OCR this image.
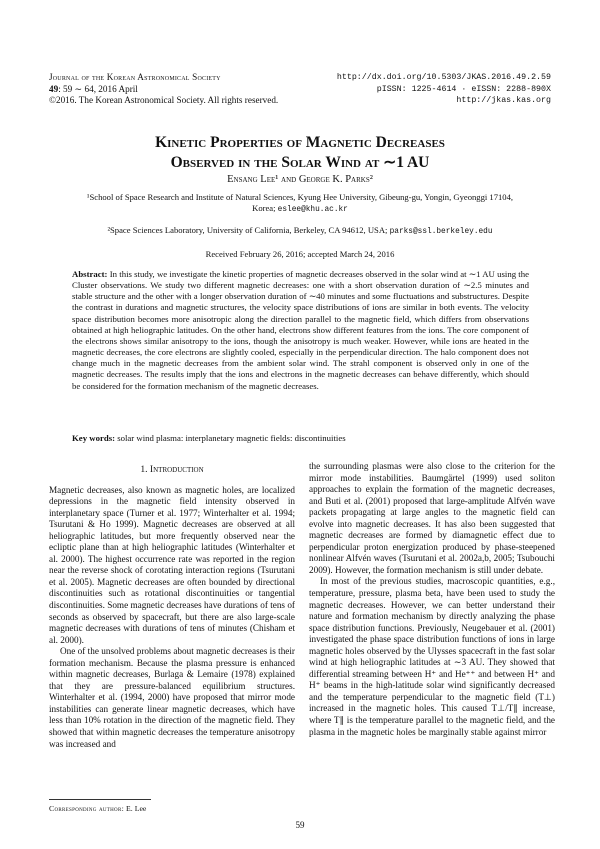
Journal of the Korean Astronomical Society
49: 59 ∼ 64, 2016 April
©2016. The Korean Astronomical Society. All rights reserved.
http://dx.doi.org/10.5303/JKAS.2016.49.2.59
pISSN: 1225-4614 · eISSN: 2288-890X
http://jkas.kas.org
Kinetic Properties of Magnetic Decreases
Observed in the Solar Wind at ∼1 AU
Ensang Lee¹ and George K. Parks²
¹School of Space Research and Institute of Natural Sciences, Kyung Hee University, Gibeung-gu, Yongin, Gyeonggi 17104,
Korea; eslee@khu.ac.kr
²Space Sciences Laboratory, University of California, Berkeley, CA 94612, USA; parks@ssl.berkeley.edu
Received February 26, 2016; accepted March 24, 2016
Abstract: In this study, we investigate the kinetic properties of magnetic decreases observed in the solar wind at ∼1 AU using the Cluster observations. We study two different magnetic decreases: one with a short observation duration of ∼2.5 minutes and stable structure and the other with a longer observation duration of ∼40 minutes and some fluctuations and substructures. Despite the contrast in durations and magnetic structures, the velocity space distributions of ions are similar in both events. The velocity space distribution becomes more anisotropic along the direction parallel to the magnetic field, which differs from observations obtained at high heliographic latitudes. On the other hand, electrons show different features from the ions. The core component of the electrons shows similar anisotropy to the ions, though the anisotropy is much weaker. However, while ions are heated in the magnetic decreases, the core electrons are slightly cooled, especially in the perpendicular direction. The halo component does not change much in the magnetic decreases from the ambient solar wind. The strahl component is observed only in one of the magnetic decreases. The results imply that the ions and electrons in the magnetic decreases can behave differently, which should be considered for the formation mechanism of the magnetic decreases.
Key words: solar wind plasma: interplanetary magnetic fields: discontinuities
1. Introduction

Magnetic decreases, also known as magnetic holes, are localized depressions in the magnetic field intensity observed in interplanetary space (Turner et al. 1977; Winterhalter et al. 1994; Tsurutani & Ho 1999). Magnetic decreases are observed at all heliographic latitudes, but more frequently observed near the ecliptic plane than at high heliographic latitudes (Winterhalter et al. 2000). The highest occurrence rate was reported in the region near the reverse shock of corotating interaction regions (Tsurutani et al. 2005). Magnetic decreases are often bounded by directional discontinuities such as rotational discontinuities or tangential discontinuities. Some magnetic decreases have durations of tens of seconds as observed by spacecraft, but there are also large-scale magnetic decreases with durations of tens of minutes (Chisham et al. 2000).

One of the unsolved problems about magnetic decreases is their formation mechanism. Because the plasma pressure is enhanced within magnetic decreases, Burlaga & Lemaire (1978) explained that they are pressure-balanced equilibrium structures. Winterhalter et al. (1994, 2000) have proposed that mirror mode instabilities can generate linear magnetic decreases, which have less than 10% rotation in the direction of the magnetic field. They showed that within magnetic decreases the temperature anisotropy was increased and

the surrounding plasmas were also close to the criterion for the mirror mode instabilities. Baumgärtel (1999) used soliton approaches to explain the formation of the magnetic decreases, and Buti et al. (2001) proposed that large-amplitude Alfvén wave packets propagating at large angles to the magnetic field can evolve into magnetic decreases. It has also been suggested that magnetic decreases are formed by diamagnetic effect due to perpendicular proton energization produced by phase-steepened nonlinear Alfvén waves (Tsurutani et al. 2002a,b, 2005; Tsubouchi 2009). However, the formation mechanism is still under debate.

In most of the previous studies, macroscopic quantities, e.g., temperature, pressure, plasma beta, have been used to study the magnetic decreases. However, we can better understand their nature and formation mechanism by directly analyzing the phase space distribution functions. Previously, Neugebauer et al. (2001) investigated the phase space distribution functions of ions in large magnetic holes observed by the Ulysses spacecraft in the fast solar wind at high heliographic latitudes at ∼3 AU. They showed that differential streaming between H⁺ and He⁺⁺ and between H⁺ and H⁺ beams in the high-latitude solar wind significantly decreased and the temperature perpendicular to the magnetic field (T⊥) increased in the magnetic holes. This caused T⊥/T∥ increase, where T∥ is the temperature parallel to the magnetic field, and the plasma in the magnetic holes be marginally stable against mirror

Corresponding author: E. Lee
59
